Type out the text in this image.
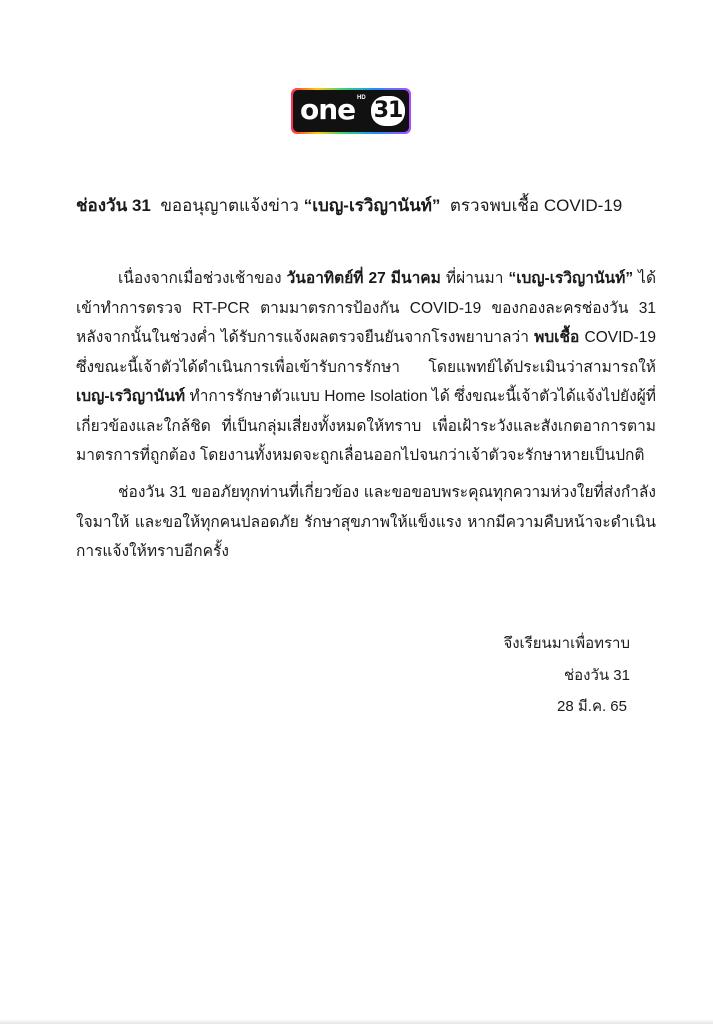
one HD 31
ช่องวัน 31 ขออนุญาตแจ้งข่าว “เบญ-เรวิญานันท์” ตรวจพบเชื้อ COVID-19
เนื่องจากเมื่อช่วงเช้าของ วันอาทิตย์ที่ 27 มีนาคม ที่ผ่านมา “เบญ-เรวิญานันท์” ได้เข้าทำการตรวจ RT-PCR ตามมาตรการป้องกัน COVID-19 ของกองละครช่องวัน 31 หลังจากนั้นในช่วงค่ำ ได้รับการแจ้งผลตรวจยืนยันจากโรงพยาบาลว่า พบเชื้อ COVID-19 ซึ่งขณะนี้เจ้าตัวได้ดำเนินการเพื่อเข้ารับการรักษา โดยแพทย์ได้ประเมินว่าสามารถให้ เบญ-เรวิญานันท์ ทำการรักษาตัวแบบ Home Isolation ได้ ซึ่งขณะนี้เจ้าตัวได้แจ้งไปยังผู้ที่เกี่ยวข้องและใกล้ชิด ที่เป็นกลุ่มเสี่ยงทั้งหมดให้ทราบ เพื่อเฝ้าระวังและสังเกตอาการตามมาตรการที่ถูกต้อง โดยงานทั้งหมดจะถูกเลื่อนออกไปจนกว่าเจ้าตัวจะรักษาหายเป็นปกติ
ช่องวัน 31 ขออภัยทุกท่านที่เกี่ยวข้อง และขอขอบพระคุณทุกความห่วงใยที่ส่งกำลังใจมาให้ และขอให้ทุกคนปลอดภัย รักษาสุขภาพให้แข็งแรง หากมีความคืบหน้าจะดำเนินการแจ้งให้ทราบอีกครั้ง
จึงเรียนมาเพื่อทราบ
ช่องวัน 31
28 มี.ค. 65
